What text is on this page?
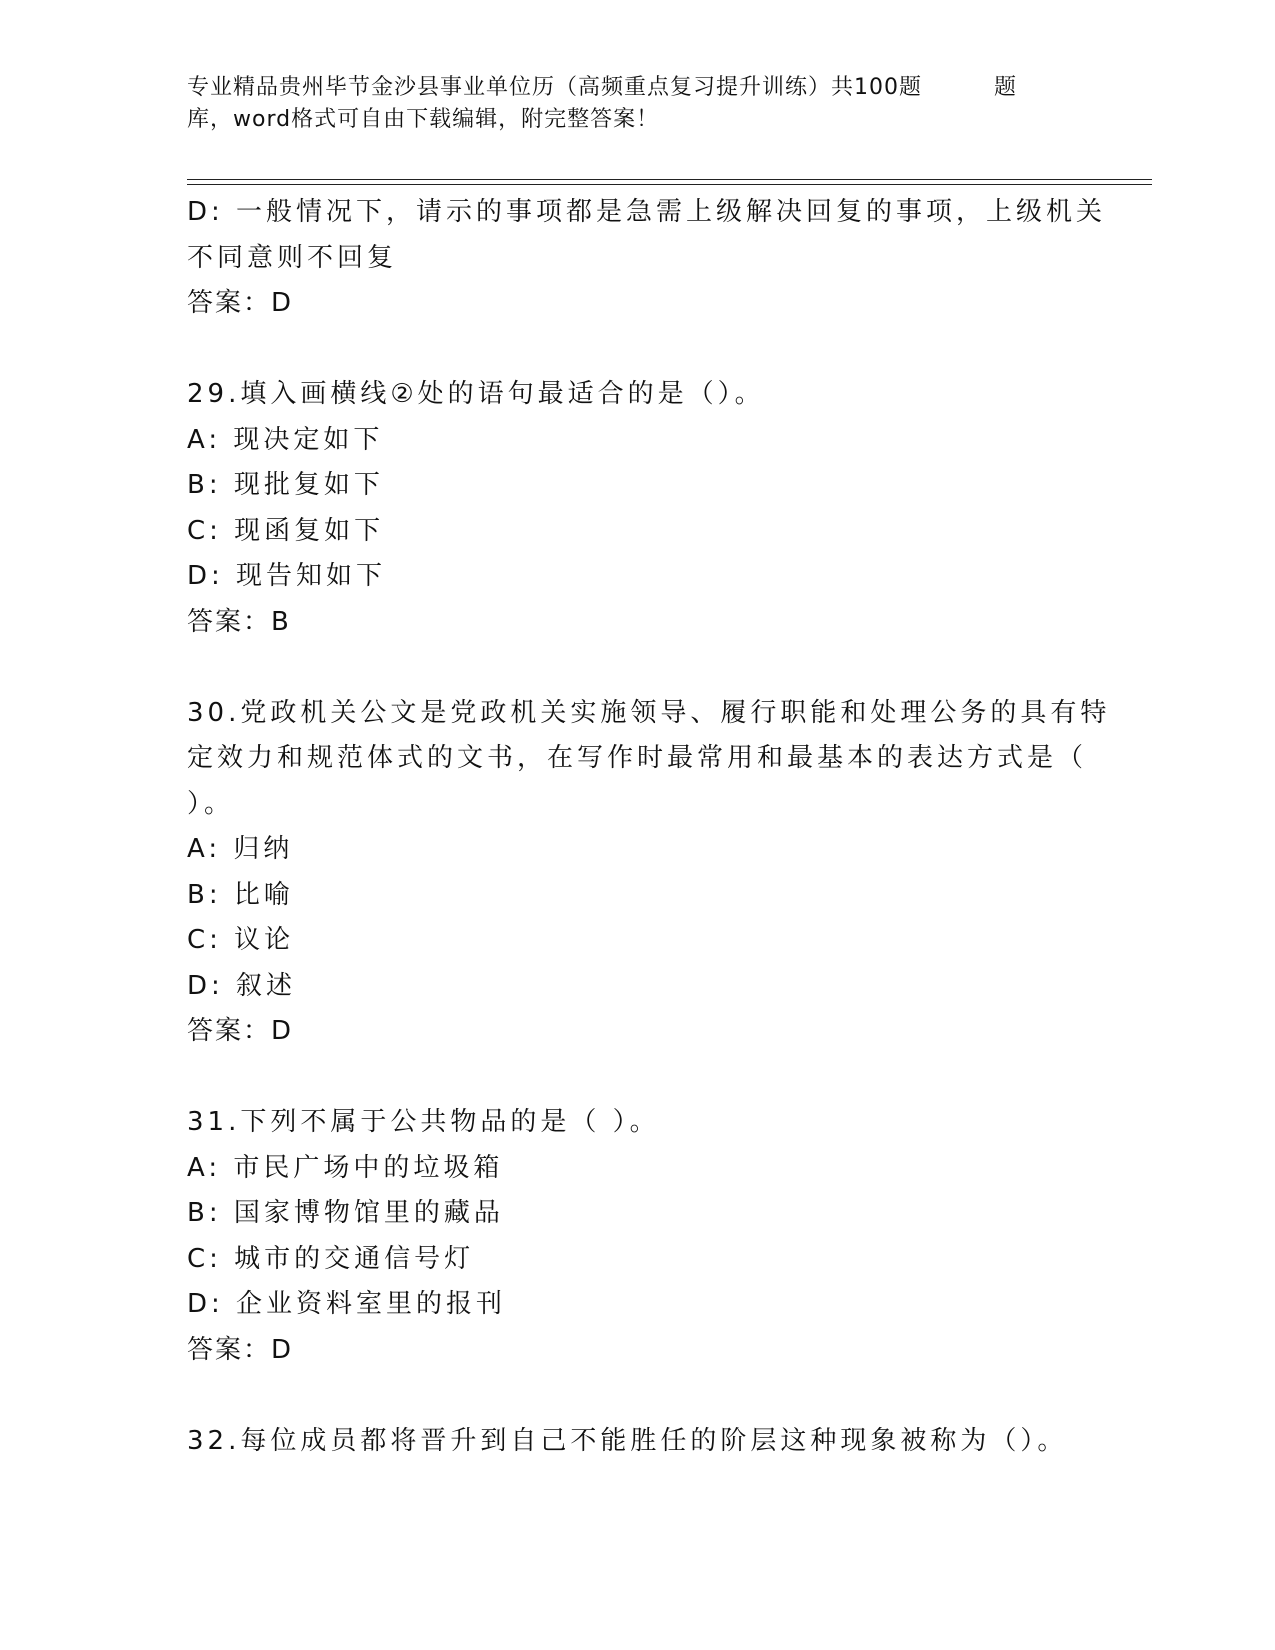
专业精品贵州毕节金沙县事业单位历（高频重点复习提升训练）共100题	题
库，word格式可自由下载编辑，附完整答案！
D: 一般情况下，请示的事项都是急需上级解决回复的事项，上级机关
不同意则不回复
答案：D
29.填入画横线②处的语句最适合的是（）。
A: 现决定如下
B: 现批复如下
C: 现函复如下
D: 现告知如下
答案：B
30.党政机关公文是党政机关实施领导、履行职能和处理公务的具有特
定效力和规范体式的文书，在写作时最常用和最基本的表达方式是（
）。
A: 归纳
B: 比喻
C: 议论
D: 叙述
答案：D
31.下列不属于公共物品的是（ ）。
A: 市民广场中的垃圾箱
B: 国家博物馆里的藏品
C: 城市的交通信号灯
D: 企业资料室里的报刊
答案：D
32.每位成员都将晋升到自己不能胜任的阶层这种现象被称为（）。
